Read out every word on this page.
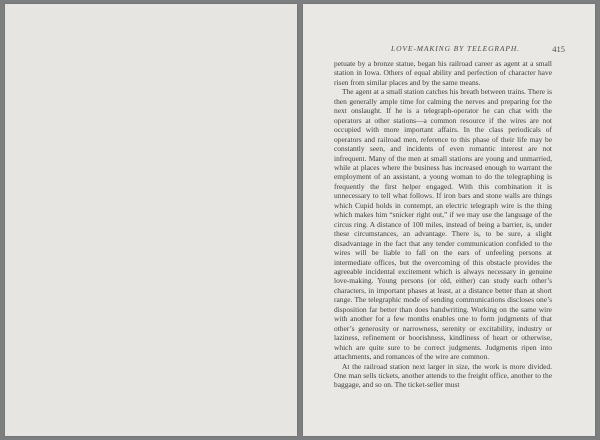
LOVE-MAKING BY TELEGRAPH.	415

petuate by a bronze statue, began his railroad career as agent at a small station in Iowa. Others of equal ability and perfection of character have risen from similar places and by the same means.

The agent at a small station catches his breath between trains. There is then generally ample time for calming the nerves and preparing for the next onslaught. If he is a telegraph-operator he can chat with the operators at other stations—a common resource if the wires are not occupied with more important affairs. In the class periodicals of operators and railroad men, reference to this phase of their life may be constantly seen, and incidents of even romantic interest are not infrequent. Many of the men at small stations are young and unmarried, while at places where the business has increased enough to warrant the employment of an assistant, a young woman to do the telegraphing is frequently the first helper engaged. With this combination it is unnecessary to tell what follows. If iron bars and stone walls are things which Cupid holds in contempt, an electric telegraph wire is the thing which makes him “snicker right out,” if we may use the language of the circus ring. A distance of 100 miles, instead of being a barrier, is, under these circumstances, an advantage. There is, to be sure, a slight disadvantage in the fact that any tender communication confided to the wires will be liable to fall on the ears of unfeeling persons at intermediate offices, but the overcoming of this obstacle provides the agreeable incidental excitement which is always necessary in genuine love-making. Young persons (or old, either) can study each other’s characters, in important phases at least, at a distance better than at short range. The telegraphic mode of sending communications discloses one’s disposition far better than does handwriting. Working on the same wire with another for a few months enables one to form judgments of that other’s generosity or narrowness, serenity or excitability, industry or laziness, refinement or boorishness, kindliness of heart or otherwise, which are quite sure to be correct judgments. Judgments ripen into attachments, and romances of the wire are common.

At the railroad station next larger in size, the work is more divided. One man sells tickets, another attends to the freight office, another to the baggage, and so on. The ticket-seller must
